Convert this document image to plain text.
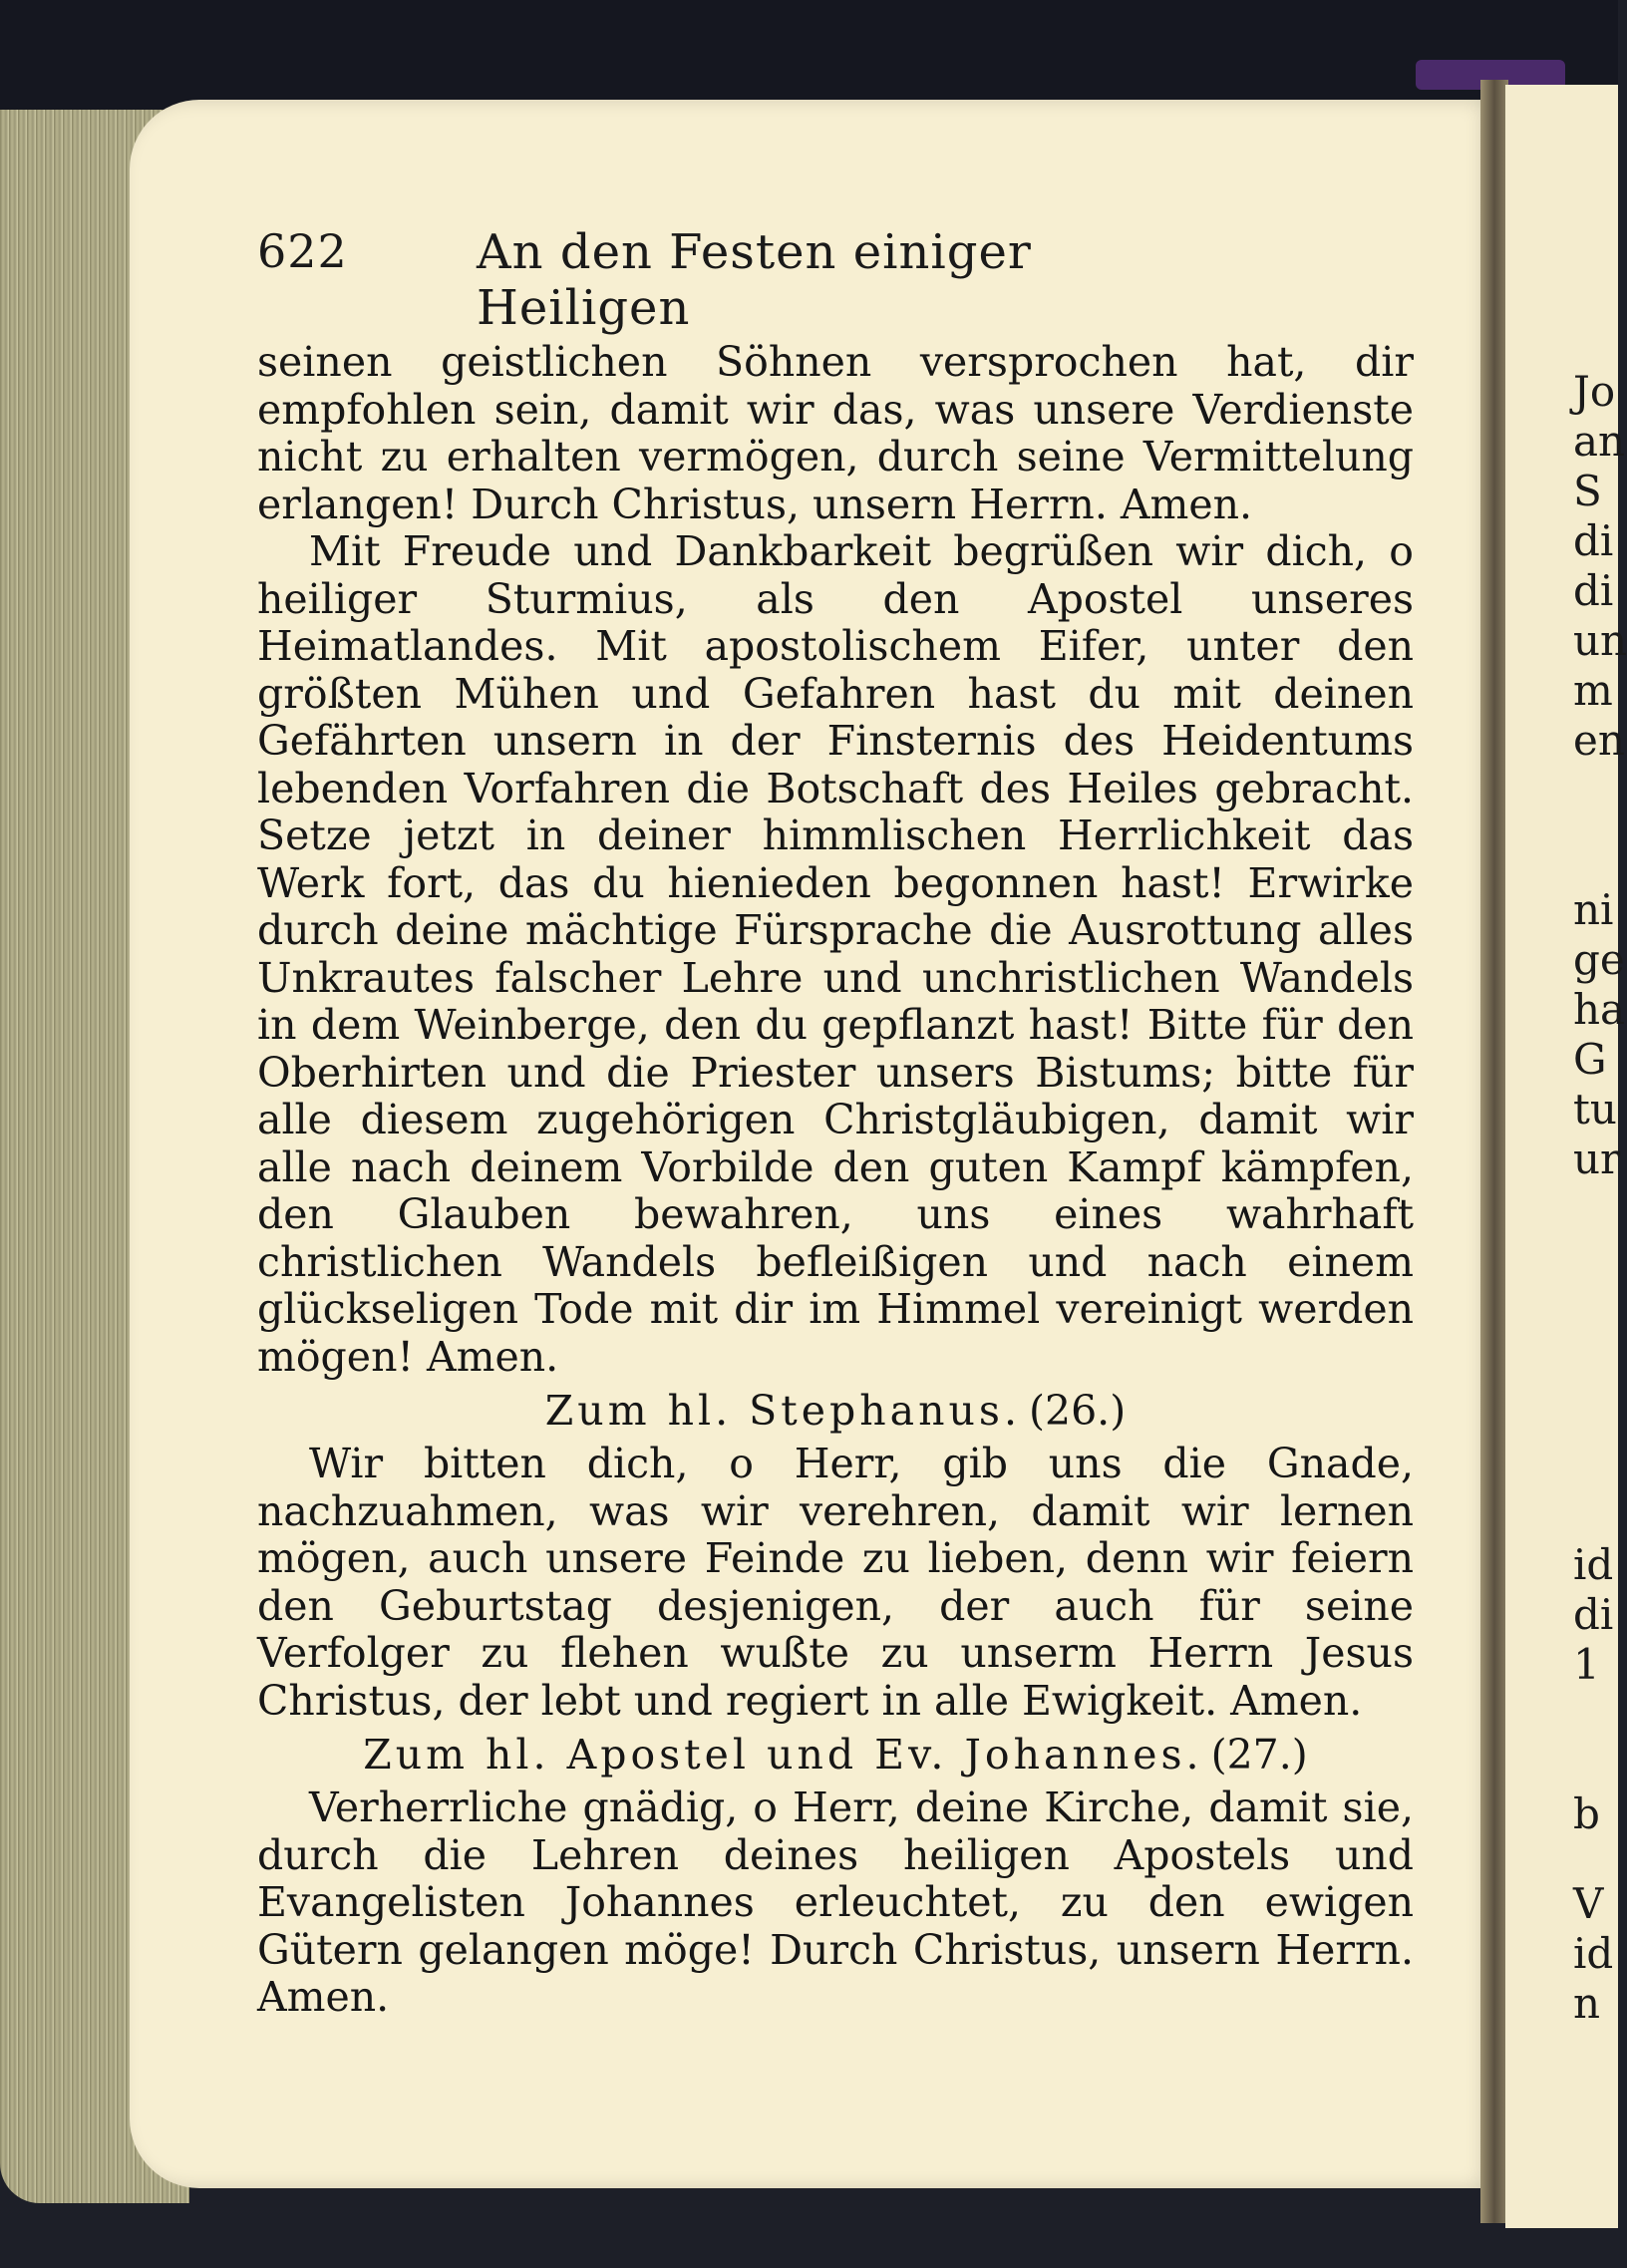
Jo
an
S
di
di
un
m
en
ni
ge
ha
G
tu
ur
id
di
1
b
V
id
n
622	An den Festen einiger Heiligen

seinen geistlichen Söhnen versprochen hat, dir empfohlen sein, damit wir das, was unsere Verdienste nicht zu erhalten vermögen, durch seine Vermittelung erlangen! Durch Christus, unsern Herrn. Amen.

Mit Freude und Dankbarkeit begrüßen wir dich, o heiliger Sturmius, als den Apostel unseres Heimatlandes. Mit apostolischem Eifer, unter den größten Mühen und Gefahren hast du mit deinen Gefährten unsern in der Finsternis des Heidentums lebenden Vorfahren die Botschaft des Heiles gebracht. Setze jetzt in deiner himmlischen Herrlichkeit das Werk fort, das du hienieden begonnen hast! Erwirke durch deine mächtige Fürsprache die Ausrottung alles Unkrautes falscher Lehre und unchristlichen Wandels in dem Weinberge, den du gepflanzt hast! Bitte für den Oberhirten und die Priester unsers Bistums; bitte für alle diesem zugehörigen Christgläubigen, damit wir alle nach deinem Vorbilde den guten Kampf kämpfen, den Glauben bewahren, uns eines wahrhaft christlichen Wandels befleißigen und nach einem glückseligen Tode mit dir im Himmel vereinigt werden mögen! Amen.

Zum hl. Stephanus. (26.)

Wir bitten dich, o Herr, gib uns die Gnade, nachzuahmen, was wir verehren, damit wir lernen mögen, auch unsere Feinde zu lieben, denn wir feiern den Geburtstag desjenigen, der auch für seine Verfolger zu flehen wußte zu unserm Herrn Jesus Christus, der lebt und regiert in alle Ewigkeit. Amen.

Zum hl. Apostel und Ev. Johannes. (27.)

Verherrliche gnädig, o Herr, deine Kirche, damit sie, durch die Lehren deines heiligen Apostels und Evangelisten Johannes erleuchtet, zu den ewigen Gütern gelangen möge! Durch Christus, unsern Herrn. Amen.
